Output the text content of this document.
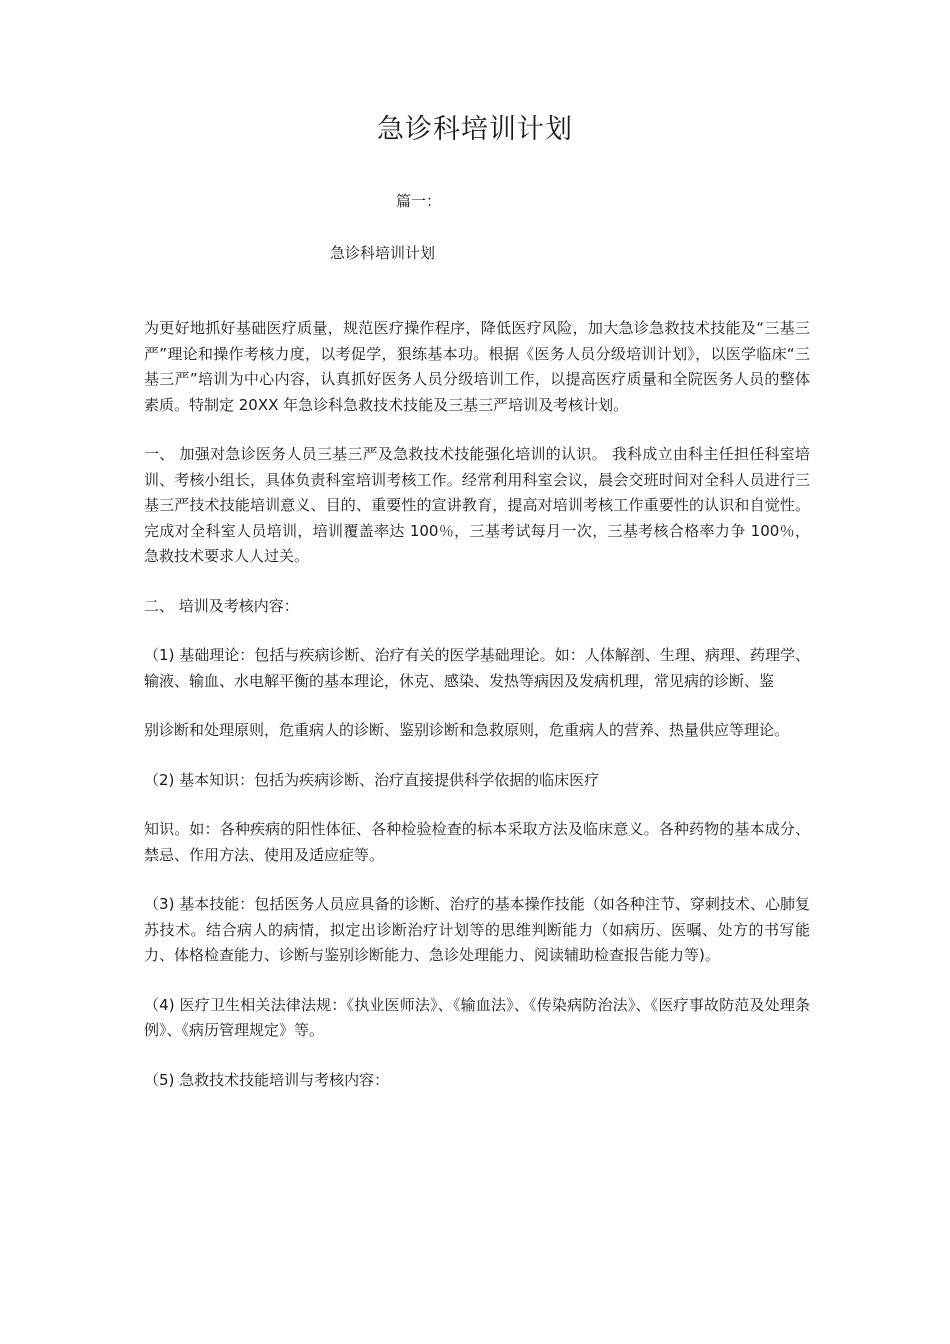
急诊科培训计划
篇一：
急诊科培训计划

为更好地抓好基础医疗质量，规范医疗操作程序，降低医疗风险，加大急诊急救技术技能及“三基三严”理论和操作考核力度，以考促学，狠练基本功。根据《医务人员分级培训计划》，以医学临床“三基三严”培训为中心内容，认真抓好医务人员分级培训工作，以提高医疗质量和全院医务人员的整体素质。特制定 20XX 年急诊科急救技术技能及三基三严培训及考核计划。

一、 加强对急诊医务人员三基三严及急救技术技能强化培训的认识。 我科成立由科主任担任科室培训、考核小组长，具体负责科室培训考核工作。经常利用科室会议，晨会交班时间对全科人员进行三基三严技术技能培训意义、目的、重要性的宣讲教育，提高对培训考核工作重要性的认识和自觉性。完成对全科室人员培训，培训覆盖率达 100％，三基考试每月一次，三基考核合格率力争 100％，急救技术要求人人过关。

二、 培训及考核内容：

（1) 基础理论：包括与疾病诊断、治疗有关的医学基础理论。如：人体解剖、生理、病理、药理学、输液、输血、水电解平衡的基本理论，休克、感染、发热等病因及发病机理，常见病的诊断、鉴

别诊断和处理原则，危重病人的诊断、鉴别诊断和急救原则，危重病人的营养、热量供应等理论。

（2) 基本知识：包括为疾病诊断、治疗直接提供科学依据的临床医疗

知识。如：各种疾病的阳性体征、各种检验检查的标本采取方法及临床意义。各种药物的基本成分、禁忌、作用方法、使用及适应症等。

（3) 基本技能：包括医务人员应具备的诊断、治疗的基本操作技能（如各种注节、穿刺技术、心肺复苏技术。结合病人的病情，拟定出诊断治疗计划等的思维判断能力（如病历、医嘱、处方的书写能力、体格检查能力、诊断与鉴别诊断能力、急诊处理能力、阅读辅助检查报告能力等)。

（4) 医疗卫生相关法律法规：《执业医师法》、《输血法》、《传染病防治法》、《医疗事故防范及处理条例》、《病历管理规定》等。

（5) 急救技术技能培训与考核内容：
